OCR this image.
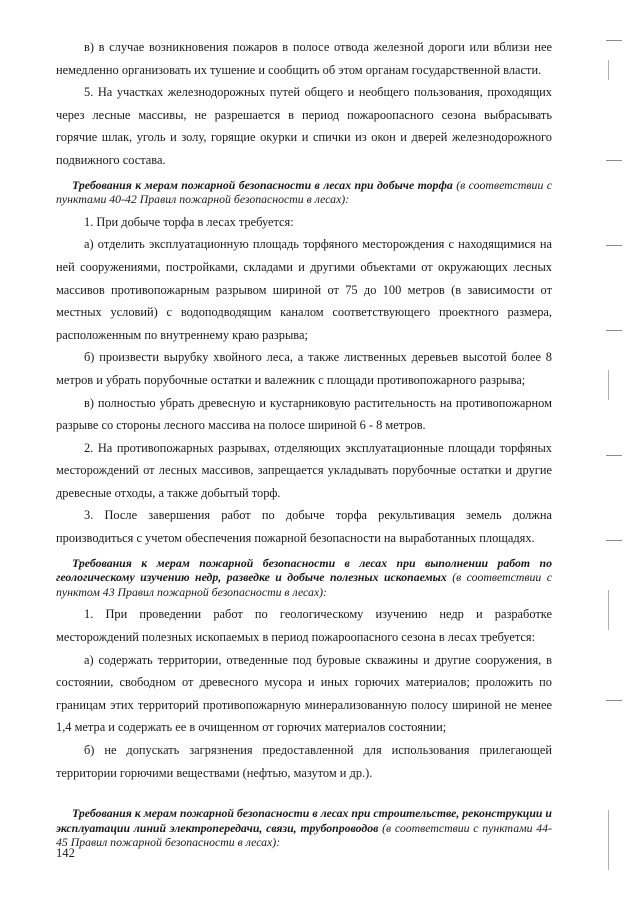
в) в случае возникновения пожаров в полосе отвода железной дороги или вблизи нее немедленно организовать их тушение и сообщить об этом органам государственной власти.

5. На участках железнодорожных путей общего и необщего пользования, проходящих через лесные массивы, не разрешается в период пожароопасного сезона выбрасывать горячие шлак, уголь и золу, горящие окурки и спички из окон и дверей железнодорожного подвижного состава.

Требования к мерам пожарной безопасности в лесах при добыче торфа (в соответствии с пунктами 40-42 Правил пожарной безопасности в лесах):

1. При добыче торфа в лесах требуется:

а) отделить эксплуатационную площадь торфяного месторождения с находящимися на ней сооружениями, постройками, складами и другими объектами от окружающих лесных массивов противопожарным разрывом шириной от 75 до 100 метров (в зависимости от местных условий) с водоподводящим каналом соответствующего проектного размера, расположенным по внутреннему краю разрыва;

б) произвести вырубку хвойного леса, а также лиственных деревьев высотой более 8 метров и убрать порубочные остатки и валежник с площади противопожарного разрыва;

в) полностью убрать древесную и кустарниковую растительность на противопожарном разрыве со стороны лесного массива на полосе шириной 6 - 8 метров.

2. На противопожарных разрывах, отделяющих эксплуатационные площади торфяных месторождений от лесных массивов, запрещается укладывать порубочные остатки и другие древесные отходы, а также добытый торф.

3. После завершения работ по добыче торфа рекультивация земель должна производиться с учетом обеспечения пожарной безопасности на выработанных площадях.

Требования к мерам пожарной безопасности в лесах при выполнении работ по геологическому изучению недр, разведке и добыче полезных ископаемых (в соответствии с пунктом 43 Правил пожарной безопасности в лесах):

1. При проведении работ по геологическому изучению недр и разработке месторождений полезных ископаемых в период пожароопасного сезона в лесах требуется:

а) содержать территории, отведенные под буровые скважины и другие сооружения, в состоянии, свободном от древесного мусора и иных горючих материалов; проложить по границам этих территорий противопожарную минерализованную полосу шириной не менее 1,4 метра и содержать ее в очищенном от горючих материалов состоянии;

б) не допускать загрязнения предоставленной для использования прилегающей территории горючими веществами (нефтью, мазутом и др.).

Требования к мерам пожарной безопасности в лесах при строительстве, реконструкции и эксплуатации линий электропередачи, связи, трубопроводов (в соответствии с пунктами 44-45 Правил пожарной безопасности в лесах):
142
